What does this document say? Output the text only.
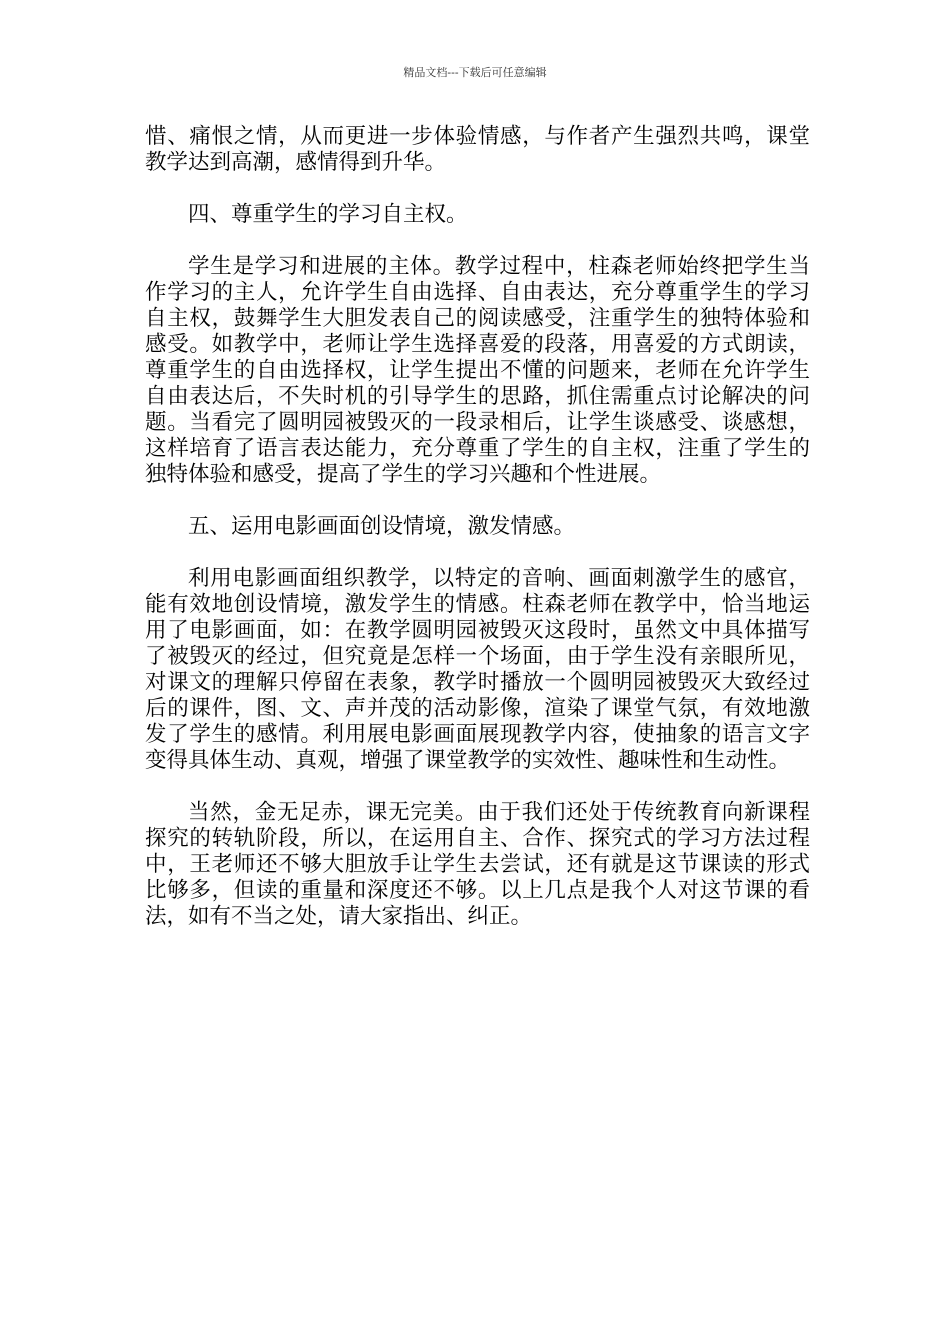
精品文档---下载后可任意编辑

惜、痛恨之情，从而更进一步体验情感，与作者产生强烈共鸣，课堂教学达到高潮，感情得到升华。

四、尊重学生的学习自主权。

学生是学习和进展的主体。教学过程中，柱森老师始终把学生当作学习的主人，允许学生自由选择、自由表达，充分尊重学生的学习自主权，鼓舞学生大胆发表自己的阅读感受，注重学生的独特体验和感受。如教学中，老师让学生选择喜爱的段落，用喜爱的方式朗读，尊重学生的自由选择权，让学生提出不懂的问题来，老师在允许学生自由表达后，不失时机的引导学生的思路，抓住需重点讨论解决的问题。当看完了圆明园被毁灭的一段录相后，让学生谈感受、谈感想，这样培育了语言表达能力，充分尊重了学生的自主权，注重了学生的独特体验和感受，提高了学生的学习兴趣和个性进展。

五、运用电影画面创设情境，激发情感。

利用电影画面组织教学，以特定的音响、画面刺激学生的感官，能有效地创设情境，激发学生的情感。柱森老师在教学中，恰当地运用了电影画面，如：在教学圆明园被毁灭这段时，虽然文中具体描写了被毁灭的经过，但究竟是怎样一个场面，由于学生没有亲眼所见，对课文的理解只停留在表象，教学时播放一个圆明园被毁灭大致经过后的课件，图、文、声并茂的活动影像，渲染了课堂气氛，有效地激发了学生的感情。利用展电影画面展现教学内容，使抽象的语言文字变得具体生动、真观，增强了课堂教学的实效性、趣味性和生动性。

当然，金无足赤，课无完美。由于我们还处于传统教育向新课程探究的转轨阶段，所以，在运用自主、合作、探究式的学习方法过程中，王老师还不够大胆放手让学生去尝试，还有就是这节课读的形式比够多，但读的重量和深度还不够。以上几点是我个人对这节课的看法，如有不当之处，请大家指出、纠正。
